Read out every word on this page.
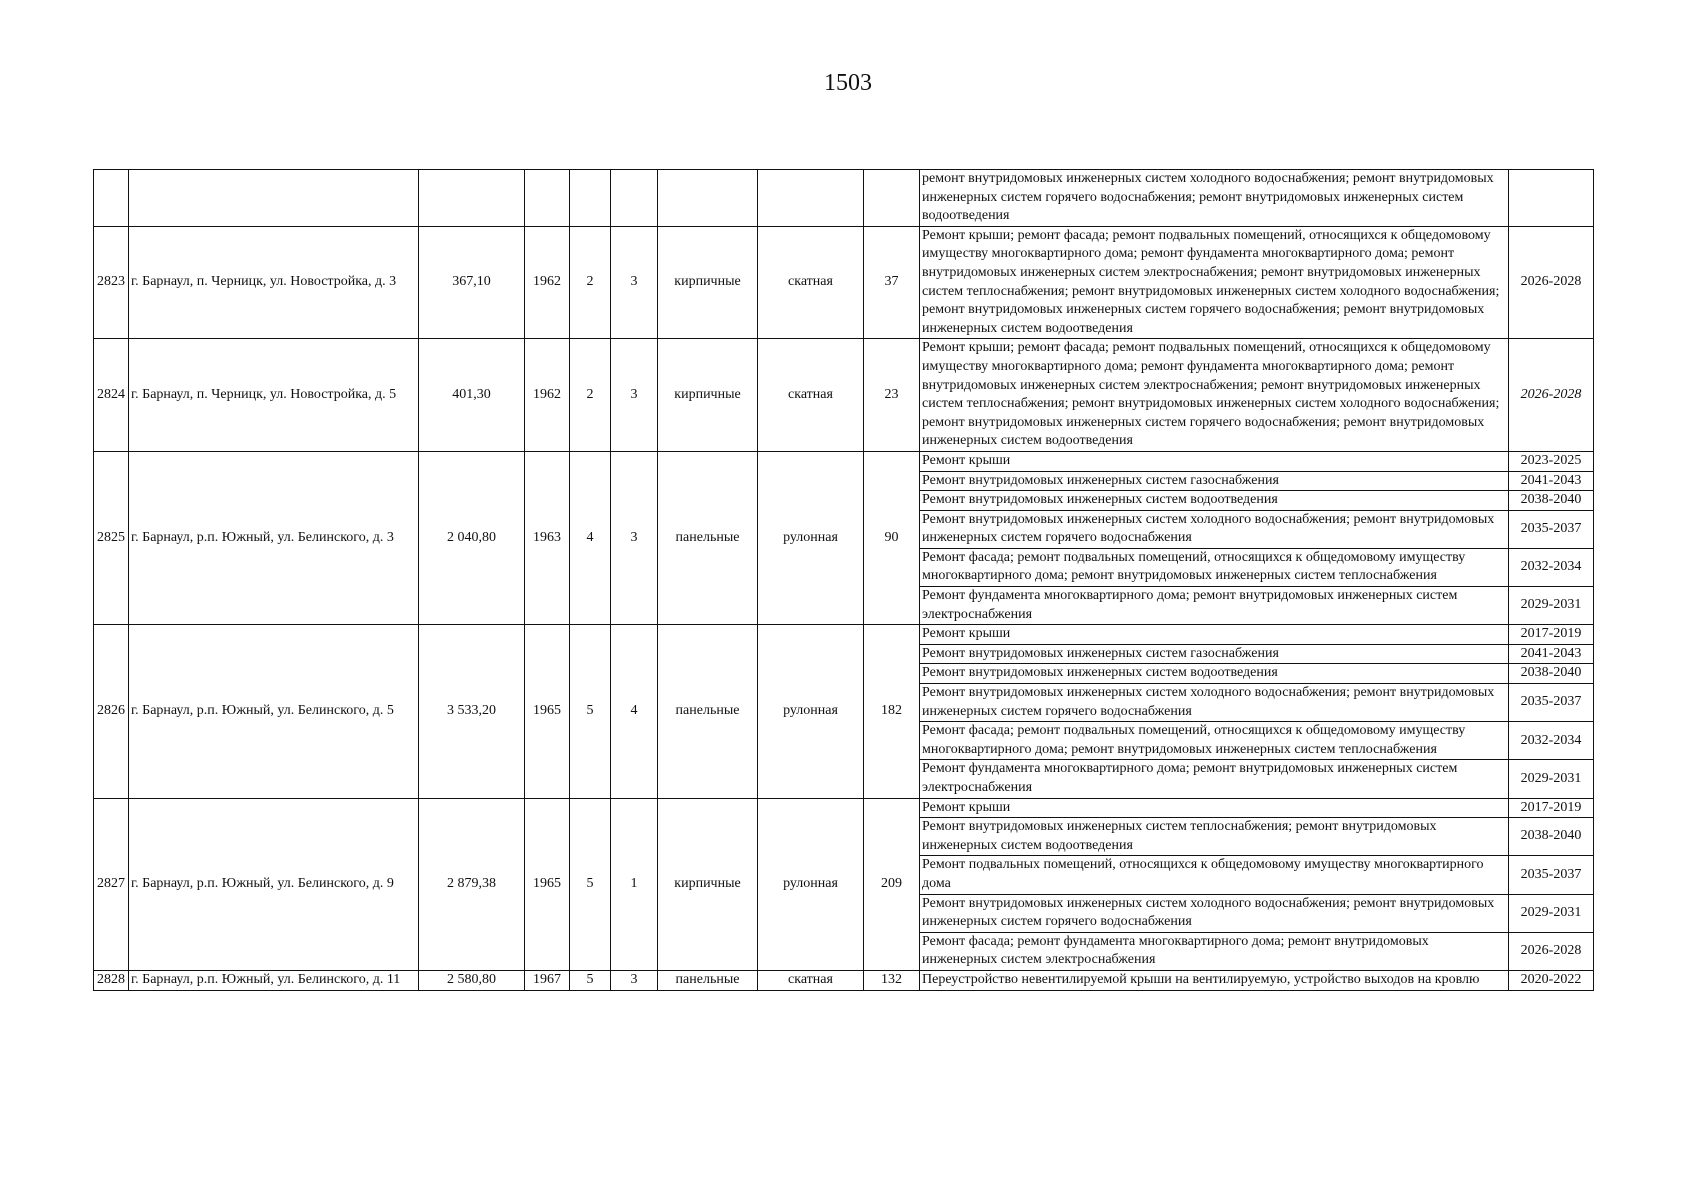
1503
									ремонт внутридомовых инженерных систем холодного водоснабжения; ремонт внутридомовых инженерных систем горячего водоснабжения; ремонт внутридомовых инженерных систем водоотведения	
2823	г. Барнаул, п. Черницк, ул. Новостройка, д. 3	367,10	1962	2	3	кирпичные	скатная	37	Ремонт крыши; ремонт фасада; ремонт подвальных помещений, относящихся к общедомовому имуществу многоквартирного дома; ремонт фундамента многоквартирного дома; ремонт внутридомовых инженерных систем электроснабжения; ремонт внутридомовых инженерных систем теплоснабжения; ремонт внутридомовых инженерных систем холодного водоснабжения; ремонт внутридомовых инженерных систем горячего водоснабжения; ремонт внутридомовых инженерных систем водоотведения	2026-2028
2824	г. Барнаул, п. Черницк, ул. Новостройка, д. 5	401,30	1962	2	3	кирпичные	скатная	23	Ремонт крыши; ремонт фасада; ремонт подвальных помещений, относящихся к общедомовому имуществу многоквартирного дома; ремонт фундамента многоквартирного дома; ремонт внутридомовых инженерных систем электроснабжения; ремонт внутридомовых инженерных систем теплоснабжения; ремонт внутридомовых инженерных систем холодного водоснабжения; ремонт внутридомовых инженерных систем горячего водоснабжения; ремонт внутридомовых инженерных систем водоотведения	2026-2028
2825	г. Барнаул, р.п. Южный, ул. Белинского, д. 3	2 040,80	1963	4	3	панельные	рулонная	90	Ремонт крыши	2023-2025
									Ремонт внутридомовых инженерных систем газоснабжения	2041-2043
									Ремонт внутридомовых инженерных систем водоотведения	2038-2040
									Ремонт внутридомовых инженерных систем холодного водоснабжения; ремонт внутридомовых инженерных систем горячего водоснабжения	2035-2037
									Ремонт фасада; ремонт подвальных помещений, относящихся к общедомовому имуществу многоквартирного дома; ремонт внутридомовых инженерных систем теплоснабжения	2032-2034
									Ремонт фундамента многоквартирного дома; ремонт внутридомовых инженерных систем электроснабжения	2029-2031
2826	г. Барнаул, р.п. Южный, ул. Белинского, д. 5	3 533,20	1965	5	4	панельные	рулонная	182	Ремонт крыши	2017-2019
									Ремонт внутридомовых инженерных систем газоснабжения	2041-2043
									Ремонт внутридомовых инженерных систем водоотведения	2038-2040
									Ремонт внутридомовых инженерных систем холодного водоснабжения; ремонт внутридомовых инженерных систем горячего водоснабжения	2035-2037
									Ремонт фасада; ремонт подвальных помещений, относящихся к общедомовому имуществу многоквартирного дома; ремонт внутридомовых инженерных систем теплоснабжения	2032-2034
									Ремонт фундамента многоквартирного дома; ремонт внутридомовых инженерных систем электроснабжения	2029-2031
2827	г. Барнаул, р.п. Южный, ул. Белинского, д. 9	2 879,38	1965	5	1	кирпичные	рулонная	209	Ремонт крыши	2017-2019
									Ремонт внутридомовых инженерных систем теплоснабжения; ремонт внутридомовых инженерных систем водоотведения	2038-2040
									Ремонт подвальных помещений, относящихся к общедомовому имуществу многоквартирного дома	2035-2037
									Ремонт внутридомовых инженерных систем холодного водоснабжения; ремонт внутридомовых инженерных систем горячего водоснабжения	2029-2031
									Ремонт фасада; ремонт фундамента многоквартирного дома; ремонт внутридомовых инженерных систем электроснабжения	2026-2028
2828	г. Барнаул, р.п. Южный, ул. Белинского, д. 11	2 580,80	1967	5	3	панельные	скатная	132	Переустройство невентилируемой крыши на вентилируемую, устройство выходов на кровлю	2020-2022
